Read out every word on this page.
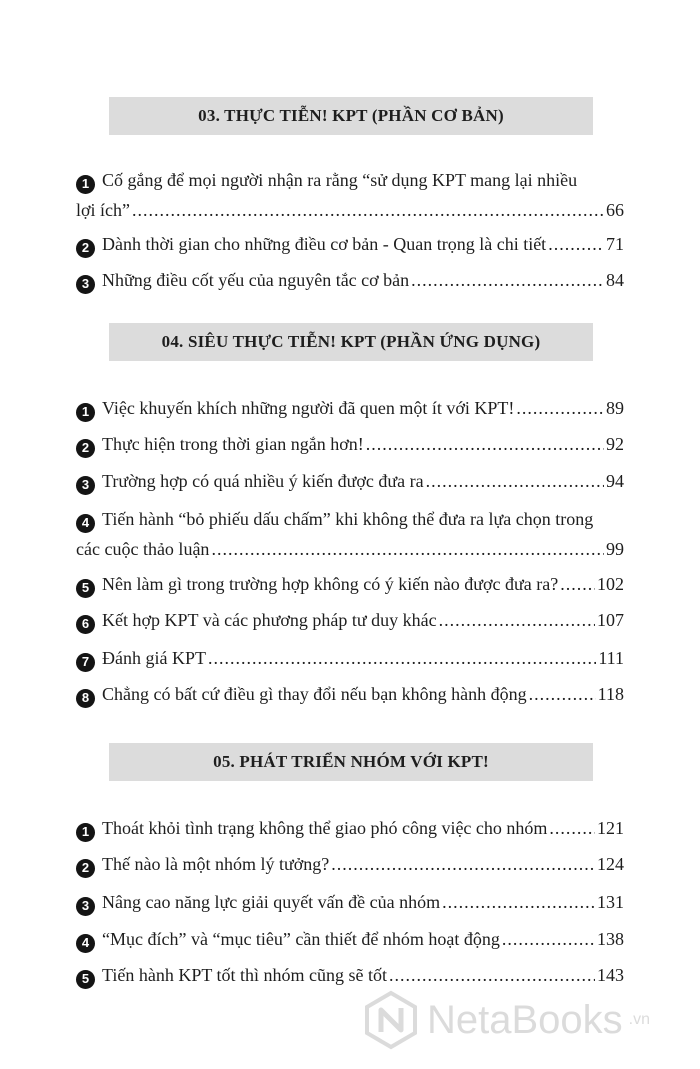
03. THỰC TIỄN! KPT (PHẦN CƠ BẢN)
1 Cố gắng để mọi người nhận ra rằng “sử dụng KPT mang lại nhiều
lợi ích” .....	66
2 Dành thời gian cho những điều cơ bản - Quan trọng là chi tiết .....	71
3 Những điều cốt yếu của nguyên tắc cơ bản .....	84
04. SIÊU THỰC TIỄN! KPT (PHẦN ỨNG DỤNG)
1 Việc khuyến khích những người đã quen một ít với KPT! .....	89
2 Thực hiện trong thời gian ngắn hơn! .....	92
3 Trường hợp có quá nhiều ý kiến được đưa ra .....	94
4 Tiến hành “bỏ phiếu dấu chấm” khi không thể đưa ra lựa chọn trong
các cuộc thảo luận .....	99
5 Nên làm gì trong trường hợp không có ý kiến nào được đưa ra? ..... 102
6 Kết hợp KPT và các phương pháp tư duy khác .....	107
7 Đánh giá KPT .....	111
8 Chẳng có bất cứ điều gì thay đổi nếu bạn không hành động .....	118
05. PHÁT TRIỂN NHÓM VỚI KPT!
1 Thoát khỏi tình trạng không thể giao phó công việc cho nhóm .....	121
2 Thế nào là một nhóm lý tưởng? .....	124
3 Nâng cao năng lực giải quyết vấn đề của nhóm .....	131
4 “Mục đích” và “mục tiêu” cần thiết để nhóm hoạt động .....	138
5 Tiến hành KPT tốt thì nhóm cũng sẽ tốt .....	143
NetaBooks .vn
